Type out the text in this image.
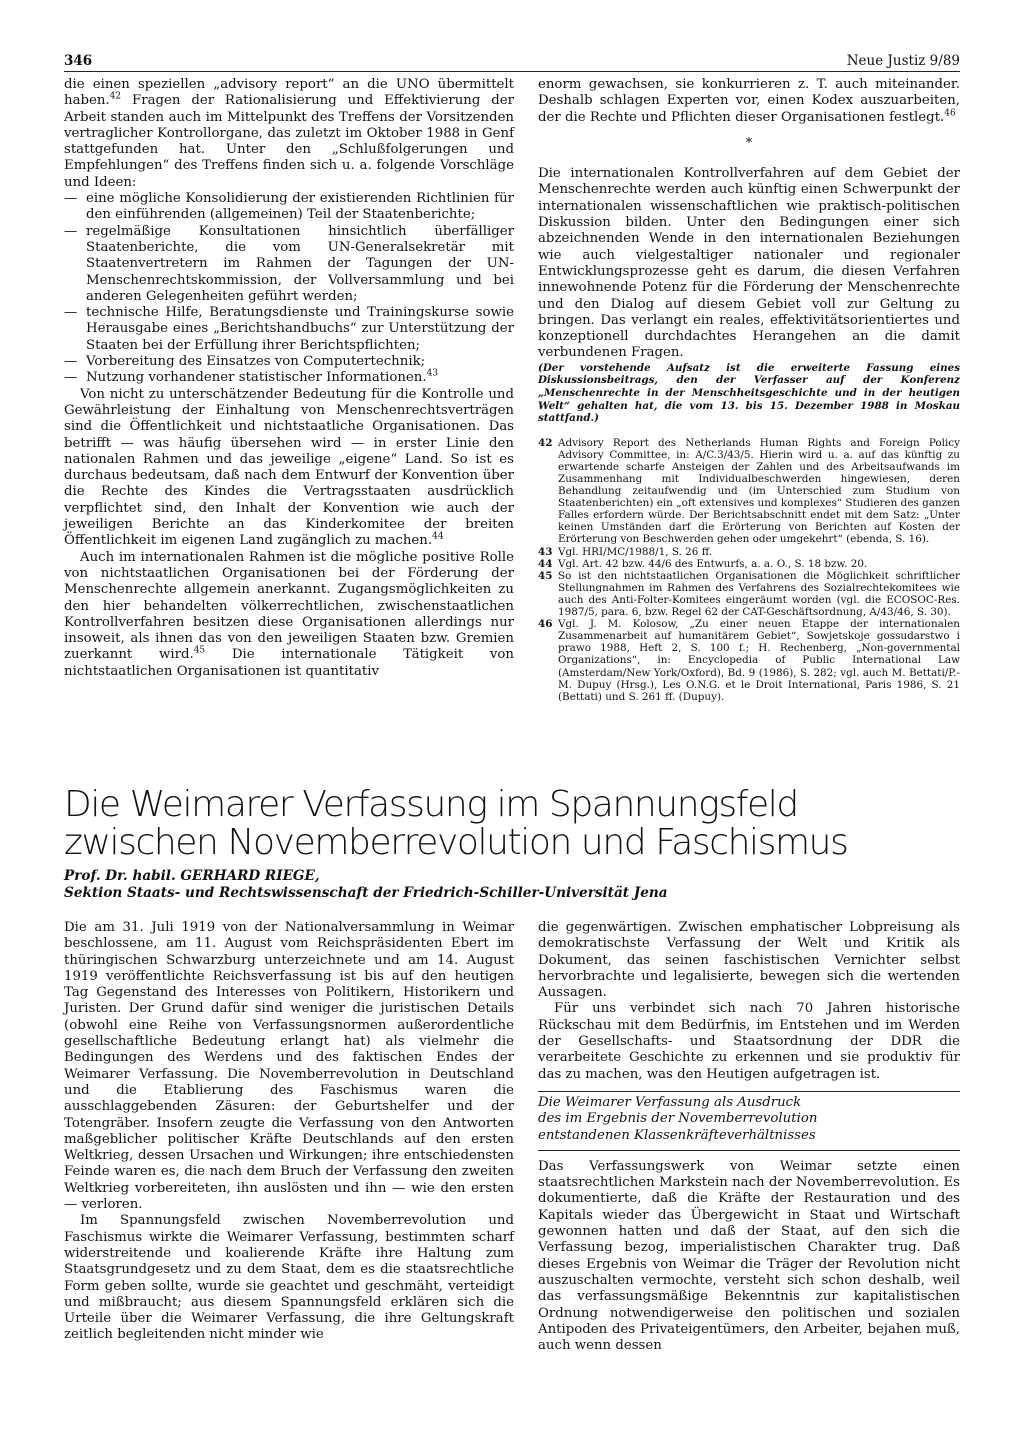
346	Neue Justiz 9/89

die einen speziellen „advisory report“ an die UNO übermittelt haben.$^{42}$ Fragen der Rationalisierung und Effektivierung der Arbeit standen auch im Mittelpunkt des Treffens der Vorsitzenden vertraglicher Kontrollorgane, das zuletzt im Oktober 1988 in Genf stattgefunden hat. Unter den „Schlußfolgerungen und Empfehlungen“ des Treffens finden sich u. a. folgende Vorschläge und Ideen:

— eine mögliche Konsolidierung der existierenden Richtlinien für den einführenden (allgemeinen) Teil der Staatenberichte;
— regelmäßige Konsultationen hinsichtlich überfälliger Staatenberichte, die vom UN-Generalsekretär mit Staatenvertretern im Rahmen der Tagungen der UN-Menschenrechtskommission, der Vollversammlung und bei anderen Gelegenheiten geführt werden;
— technische Hilfe, Beratungsdienste und Trainingskurse sowie Herausgabe eines „Berichtshandbuchs“ zur Unterstützung der Staaten bei der Erfüllung ihrer Berichtspflichten;
— Vorbereitung des Einsatzes von Computertechnik;
— Nutzung vorhandener statistischer Informationen.$^{43}$

Von nicht zu unterschätzender Bedeutung für die Kontrolle und Gewährleistung der Einhaltung von Menschenrechtsverträgen sind die Öffentlichkeit und nichtstaatliche Organisationen. Das betrifft — was häufig übersehen wird — in erster Linie den nationalen Rahmen und das jeweilige „eigene“ Land. So ist es durchaus bedeutsam, daß nach dem Entwurf der Konvention über die Rechte des Kindes die Vertragsstaaten ausdrücklich verpflichtet sind, den Inhalt der Konvention wie auch der jeweiligen Berichte an das Kinderkomitee der breiten Öffentlichkeit im eigenen Land zugänglich zu machen.$^{44}$

Auch im internationalen Rahmen ist die mögliche positive Rolle von nichtstaatlichen Organisationen bei der Förderung der Menschenrechte allgemein anerkannt. Zugangsmöglichkeiten zu den hier behandelten völkerrechtlichen, zwischenstaatlichen Kontrollverfahren besitzen diese Organisationen allerdings nur insoweit, als ihnen das von den jeweiligen Staaten bzw. Gremien zuerkannt wird.$^{45}$ Die internationale Tätigkeit von nichtstaatlichen Organisationen ist quantitativ

enorm gewachsen, sie konkurrieren z. T. auch miteinander. Deshalb schlagen Experten vor, einen Kodex auszuarbeiten, der die Rechte und Pflichten dieser Organisationen festlegt.$^{46}$

*

Die internationalen Kontrollverfahren auf dem Gebiet der Menschenrechte werden auch künftig einen Schwerpunkt der internationalen wissenschaftlichen wie praktisch-politischen Diskussion bilden. Unter den Bedingungen einer sich abzeichnenden Wende in den internationalen Beziehungen wie auch vielgestaltiger nationaler und regionaler Entwicklungsprozesse geht es darum, die diesen Verfahren innewohnende Potenz für die Förderung der Menschenrechte und den Dialog auf diesem Gebiet voll zur Geltung zu bringen. Das verlangt ein reales, effektivitätsorientiertes und konzeptionell durchdachtes Herangehen an die damit verbundenen Fragen.

(Der vorstehende Aufsatz ist die erweiterte Fassung eines Diskussionsbeitrags, den der Verfasser auf der Konferenz „Menschenrechte in der Menschheitsgeschichte und in der heutigen Welt“ gehalten hat, die vom 13. bis 15. Dezember 1988 in Moskau stattfand.)

42 Advisory Report des Netherlands Human Rights and Foreign Policy Advisory Committee, in: A/C.3/43/5. Hierin wird u. a. auf das künftig zu erwartende scharfe Ansteigen der Zahlen und des Arbeitsaufwands im Zusammenhang mit Individualbeschwerden hingewiesen, deren Behandlung zeitaufwendig und (im Unterschied zum Studium von Staatenberichten) ein „oft extensives und komplexes“ Studieren des ganzen Falles erfordern würde. Der Berichtsabschnitt endet mit dem Satz: „Unter keinen Umständen darf die Erörterung von Berichten auf Kosten der Erörterung von Beschwerden gehen oder umgekehrt“ (ebenda, S. 16).
43 Vgl. HRI/MC/1988/1, S. 26 ff.
44 Vgl. Art. 42 bzw. 44/6 des Entwurfs, a. a. O., S. 18 bzw. 20.
45 So ist den nichtstaatlichen Organisationen die Möglichkeit schriftlicher Stellungnahmen im Rahmen des Verfahrens des Sozialrechtekomitees wie auch des Anti-Folter-Komitees eingeräumt worden (vgl. die ECOSOC-Res. 1987/5, para. 6, bzw. Regel 62 der CAT-Geschäftsordnung, A/43/46, S. 30).
46 Vgl. J. M. Kolosow, „Zu einer neuen Etappe der internationalen Zusammenarbeit auf humanitärem Gebiet“, Sowjetskoje gossudarstwo i prawo 1988, Heft 2, S. 100 f.; H. Rechenberg, „Non-governmental Organizations“, in: Encyclopedia of Public International Law (Amsterdam/New York/Oxford), Bd. 9 (1986), S. 282; vgl. auch M. Bettati/P.-M. Dupuy (Hrsg.), Les O.N.G. et le Droit International, Paris 1986, S. 21 (Bettati) und S. 261 ff. (Dupuy).
Die Weimarer Verfassung im Spannungsfeld
zwischen Novemberrevolution und Faschismus
Prof. Dr. habil. GERHARD RIEGE,
Sektion Staats- und Rechtswissenschaft der Friedrich-Schiller-Universität Jena

Die am 31. Juli 1919 von der Nationalversammlung in Weimar beschlossene, am 11. August vom Reichspräsidenten Ebert im thüringischen Schwarzburg unterzeichnete und am 14. August 1919 veröffentlichte Reichsverfassung ist bis auf den heutigen Tag Gegenstand des Interesses von Politikern, Historikern und Juristen. Der Grund dafür sind weniger die juristischen Details (obwohl eine Reihe von Verfassungsnormen außerordentliche gesellschaftliche Bedeutung erlangt hat) als vielmehr die Bedingungen des Werdens und des faktischen Endes der Weimarer Verfassung. Die Novemberrevolution in Deutschland und die Etablierung des Faschismus waren die ausschlaggebenden Zäsuren: der Geburtshelfer und der Totengräber. Insofern zeugte die Verfassung von den Antworten maßgeblicher politischer Kräfte Deutschlands auf den ersten Weltkrieg, dessen Ursachen und Wirkungen; ihre entschiedensten Feinde waren es, die nach dem Bruch der Verfassung den zweiten Weltkrieg vorbereiteten, ihn auslösten und ihn — wie den ersten — verloren.

Im Spannungsfeld zwischen Novemberrevolution und Faschismus wirkte die Weimarer Verfassung, bestimmten scharf widerstreitende und koalierende Kräfte ihre Haltung zum Staatsgrundgesetz und zu dem Staat, dem es die staatsrechtliche Form geben sollte, wurde sie geachtet und geschmäht, verteidigt und mißbraucht; aus diesem Spannungsfeld erklären sich die Urteile über die Weimarer Verfassung, die ihre Geltungskraft zeitlich begleitenden nicht minder wie

die gegenwärtigen. Zwischen emphatischer Lobpreisung als demokratischste Verfassung der Welt und Kritik als Dokument, das seinen faschistischen Vernichter selbst hervorbrachte und legalisierte, bewegen sich die wertenden Aussagen.

Für uns verbindet sich nach 70 Jahren historische Rückschau mit dem Bedürfnis, im Entstehen und im Werden der Gesellschafts- und Staatsordnung der DDR die verarbeitete Geschichte zu erkennen und sie produktiv für das zu machen, was den Heutigen aufgetragen ist.

Die Weimarer Verfassung als Ausdruck
des im Ergebnis der Novemberrevolution
entstandenen Klassenkräfteverhältnisses

Das Verfassungswerk von Weimar setzte einen staatsrechtlichen Markstein nach der Novemberrevolution. Es dokumentierte, daß die Kräfte der Restauration und des Kapitals wieder das Übergewicht in Staat und Wirtschaft gewonnen hatten und daß der Staat, auf den sich die Verfassung bezog, imperialistischen Charakter trug. Daß dieses Ergebnis von Weimar die Träger der Revolution nicht auszuschalten vermochte, versteht sich schon deshalb, weil das verfassungsmäßige Bekenntnis zur kapitalistischen Ordnung notwendigerweise den politischen und sozialen Antipoden des Privateigentümers, den Arbeiter, bejahen muß, auch wenn dessen
